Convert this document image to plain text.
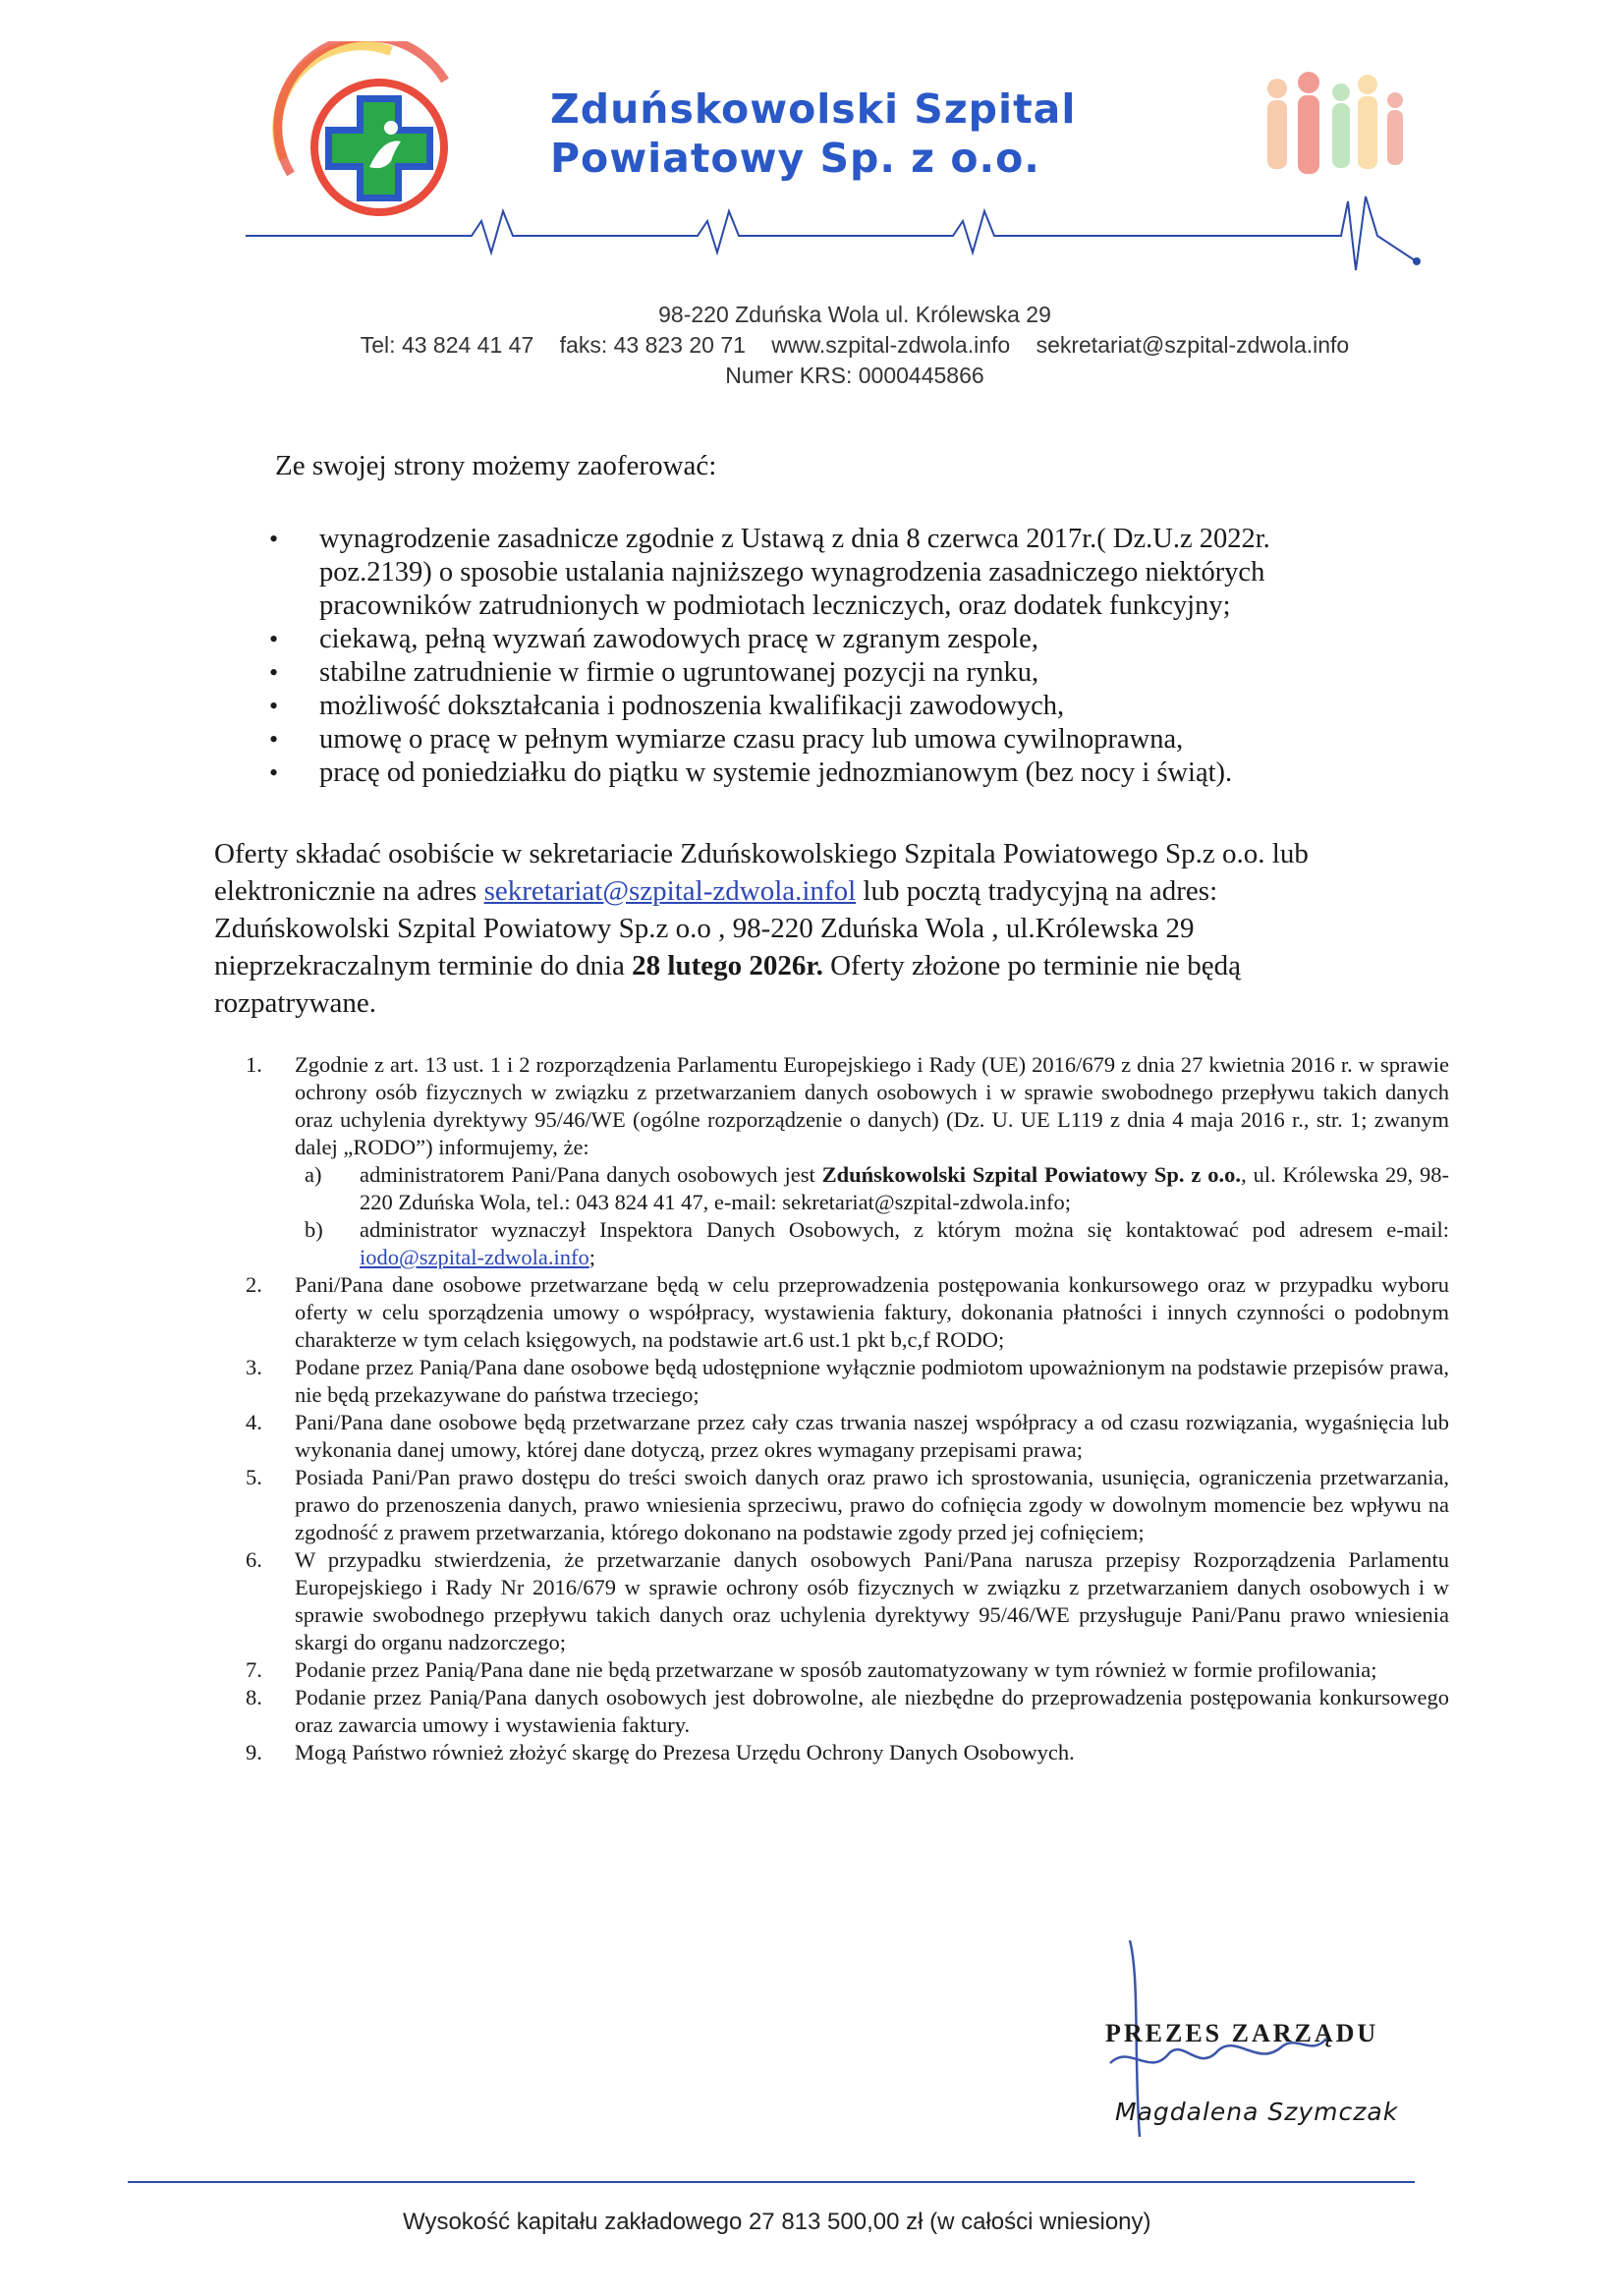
Zduńskowolski Szpital
Powiatowy Sp. z o.o.
98-220 Zduńska Wola ul. Królewska 29
Tel: 43 824 41 47 faks: 43 823 20 71 www.szpital-zdwola.info sekretariat@szpital-zdwola.info
Numer KRS: 0000445866
Ze swojej strony możemy zaoferować:
• wynagrodzenie zasadnicze zgodnie z Ustawą z dnia 8 czerwca 2017r.( Dz.U.z 2022r. poz.2139) o sposobie ustalania najniższego wynagrodzenia zasadniczego niektórych pracowników zatrudnionych w podmiotach leczniczych, oraz dodatek funkcyjny;
• ciekawą, pełną wyzwań zawodowych pracę w zgranym zespole,
• stabilne zatrudnienie w firmie o ugruntowanej pozycji na rynku,
• możliwość dokształcania i podnoszenia kwalifikacji zawodowych,
• umowę o pracę w pełnym wymiarze czasu pracy lub umowa cywilnoprawna,
• pracę od poniedziałku do piątku w systemie jednozmianowym (bez nocy i świąt).
Oferty składać osobiście w sekretariacie Zduńskowolskiego Szpitala Powiatowego Sp.z o.o. lub elektronicznie na adres sekretariat@szpital-zdwola.infol lub pocztą tradycyjną na adres: Zduńskowolski Szpital Powiatowy Sp.z o.o , 98-220 Zduńska Wola , ul.Królewska 29 nieprzekraczalnym terminie do dnia 28 lutego 2026r. Oferty złożone po terminie nie będą rozpatrywane.
1. Zgodnie z art. 13 ust. 1 i 2 rozporządzenia Parlamentu Europejskiego i Rady (UE) 2016/679 z dnia 27 kwietnia 2016 r. w sprawie ochrony osób fizycznych w związku z przetwarzaniem danych osobowych i w sprawie swobodnego przepływu takich danych oraz uchylenia dyrektywy 95/46/WE (ogólne rozporządzenie o danych) (Dz. U. UE L119 z dnia 4 maja 2016 r., str. 1; zwanym dalej „RODO”) informujemy, że:
a) administratorem Pani/Pana danych osobowych jest Zduńskowolski Szpital Powiatowy Sp. z o.o., ul. Królewska 29, 98-220 Zduńska Wola, tel.: 043 824 41 47, e-mail: sekretariat@szpital-zdwola.info;
b) administrator wyznaczył Inspektora Danych Osobowych, z którym można się kontaktować pod adresem e-mail: iodo@szpital-zdwola.info;
2. Pani/Pana dane osobowe przetwarzane będą w celu przeprowadzenia postępowania konkursowego oraz w przypadku wyboru oferty w celu sporządzenia umowy o współpracy, wystawienia faktury, dokonania płatności i innych czynności o podobnym charakterze w tym celach księgowych, na podstawie art.6 ust.1 pkt b,c,f RODO;
3. Podane przez Panią/Pana dane osobowe będą udostępnione wyłącznie podmiotom upoważnionym na podstawie przepisów prawa, nie będą przekazywane do państwa trzeciego;
4. Pani/Pana dane osobowe będą przetwarzane przez cały czas trwania naszej współpracy a od czasu rozwiązania, wygaśnięcia lub wykonania danej umowy, której dane dotyczą, przez okres wymagany przepisami prawa;
5. Posiada Pani/Pan prawo dostępu do treści swoich danych oraz prawo ich sprostowania, usunięcia, ograniczenia przetwarzania, prawo do przenoszenia danych, prawo wniesienia sprzeciwu, prawo do cofnięcia zgody w dowolnym momencie bez wpływu na zgodność z prawem przetwarzania, którego dokonano na podstawie zgody przed jej cofnięciem;
6. W przypadku stwierdzenia, że przetwarzanie danych osobowych Pani/Pana narusza przepisy Rozporządzenia Parlamentu Europejskiego i Rady Nr 2016/679 w sprawie ochrony osób fizycznych w związku z przetwarzaniem danych osobowych i w sprawie swobodnego przepływu takich danych oraz uchylenia dyrektywy 95/46/WE przysługuje Pani/Panu prawo wniesienia skargi do organu nadzorczego;
7. Podanie przez Panią/Pana dane nie będą przetwarzane w sposób zautomatyzowany w tym również w formie profilowania;
8. Podanie przez Panią/Pana danych osobowych jest dobrowolne, ale niezbędne do przeprowadzenia postępowania konkursowego oraz zawarcia umowy i wystawienia faktury.
9. Mogą Państwo również złożyć skargę do Prezesa Urzędu Ochrony Danych Osobowych.
PREZES ZARZĄDU
Magdalena Szymczak
Wysokość kapitału zakładowego 27 813 500,00 zł (w całości wniesiony)
